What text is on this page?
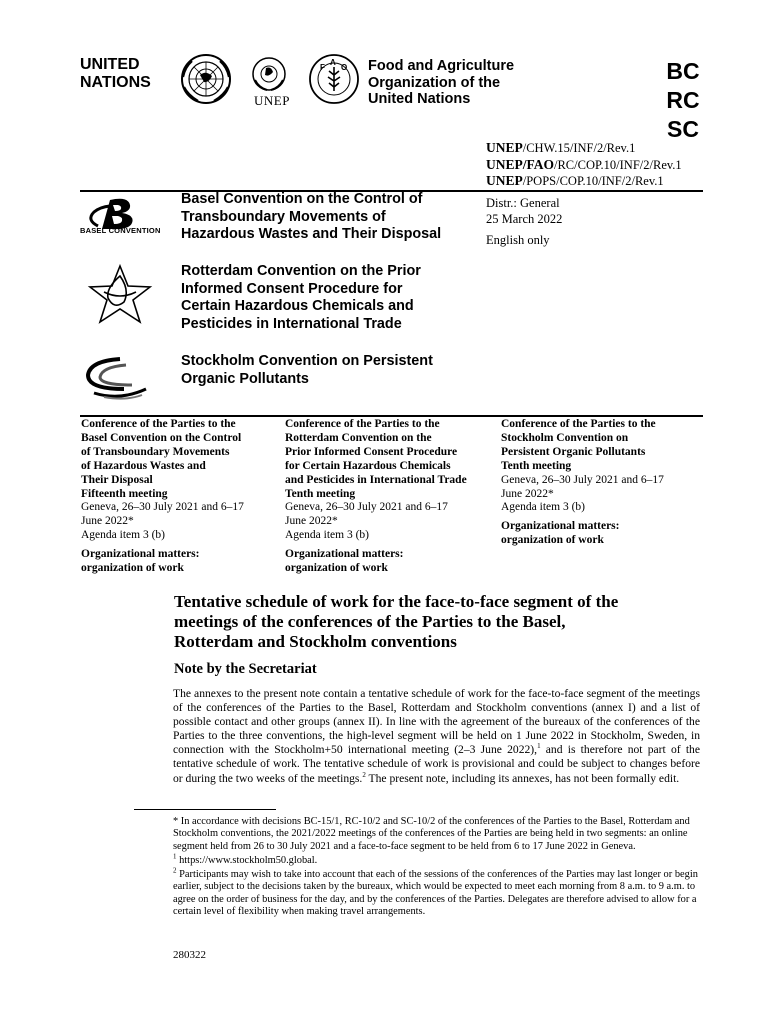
UNITED
NATIONS
F
A
O
UNEP
Food and Agriculture
Organization of the
United Nations
BC
RC
SC
UNEP/CHW.15/INF/2/Rev.1
UNEP/FAO/RC/COP.10/INF/2/Rev.1
UNEP/POPS/COP.10/INF/2/Rev.1
Distr.: General
25 March 2022
English only
BASEL CONVENTION
Basel Convention on the Control of
Transboundary Movements of
Hazardous Wastes and Their Disposal
Rotterdam Convention on the Prior
Informed Consent Procedure for
Certain Hazardous Chemicals and
Pesticides in International Trade
Stockholm Convention on Persistent
Organic Pollutants
Conference of the Parties to the
Basel Convention on the Control
of Transboundary Movements
of Hazardous Wastes and
Their Disposal
Fifteenth meeting
Geneva, 26–30 July 2021 and 6–17
June 2022*
Agenda item 3 (b)
Organizational matters:
organization of work
Conference of the Parties to the
Rotterdam Convention on the
Prior Informed Consent Procedure
for Certain Hazardous Chemicals
and Pesticides in International Trade
Tenth meeting
Geneva, 26–30 July 2021 and 6–17
June 2022*
Agenda item 3 (b)
Organizational matters:
organization of work
Conference of the Parties to the
Stockholm Convention on
Persistent Organic Pollutants
Tenth meeting
Geneva, 26–30 July 2021 and 6–17
June 2022*
Agenda item 3 (b)
Organizational matters:
organization of work
Tentative schedule of work for the face-to-face segment of the
meetings of the conferences of the Parties to the Basel,
Rotterdam and Stockholm conventions
Note by the Secretariat
The annexes to the present note contain a tentative schedule of work for the face-to-face segment of the meetings of the conferences of the Parties to the Basel, Rotterdam and Stockholm conventions (annex I) and a list of possible contact and other groups (annex II). In line with the agreement of the bureaux of the conferences of the Parties to the three conventions, the high-level segment will be held on 1 June 2022 in Stockholm, Sweden, in connection with the Stockholm+50 international meeting (2–3 June 2022),$^1$ and is therefore not part of the tentative schedule of work. The tentative schedule of work is provisional and could be subject to changes before or during the two weeks of the meetings.$^2$ The present note, including its annexes, has not been formally edit.

* In accordance with decisions BC-15/1, RC-10/2 and SC-10/2 of the conferences of the Parties to the Basel, Rotterdam and Stockholm conventions, the 2021/2022 meetings of the conferences of the Parties are being held in two segments: an online segment held from 26 to 30 July 2021 and a face-to-face segment to be held from 6 to 17 June 2022 in Geneva.

$^1$ https://www.stockholm50.global.

$^2$ Participants may wish to take into account that each of the sessions of the conferences of the Parties may last longer or begin earlier, subject to the decisions taken by the bureaux, which would be expected to meet each morning from 8 a.m. to 9 a.m. to agree on the order of business for the day, and by the conferences of the Parties. Delegates are therefore advised to allow for a certain level of flexibility when making travel arrangements.

280322
